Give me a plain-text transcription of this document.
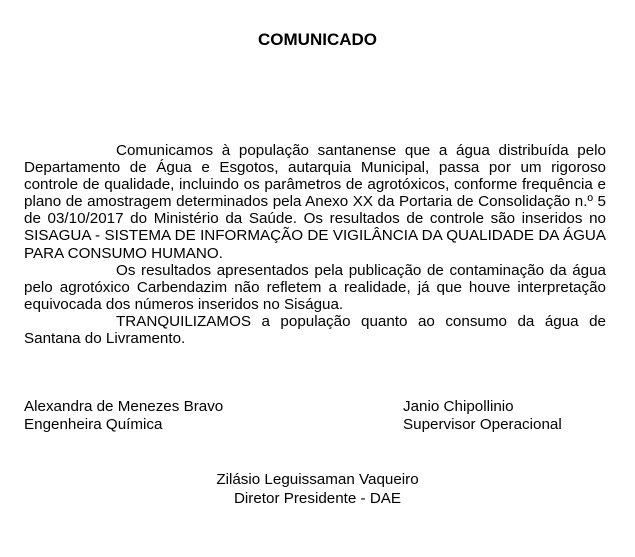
COMUNICADO

Comunicamos à população santanense que a água distribuída pelo Departamento de Água e Esgotos, autarquia Municipal, passa por um rigoroso controle de qualidade, incluindo os parâmetros de agrotóxicos, conforme frequência e plano de amostragem determinados pela Anexo XX da Portaria de Consolidação n.º 5 de 03/10/2017 do Ministério da Saúde. Os resultados de controle são inseridos no SISAGUA - SISTEMA DE INFORMAÇÃO DE VIGILÂNCIA DA QUALIDADE DA ÁGUA PARA CONSUMO HUMANO.

Os resultados apresentados pela publicação de contaminação da água pelo agrotóxico Carbendazim não refletem a realidade, já que houve interpretação equivocada dos números inseridos no Siságua.

TRANQUILIZAMOS a população quanto ao consumo da água de Santana do Livramento.

Alexandra de Menezes Bravo
Engenheira Química
Janio Chipollinio
Supervisor Operacional
Zilásio Leguissaman Vaqueiro
Diretor Presidente - DAE
